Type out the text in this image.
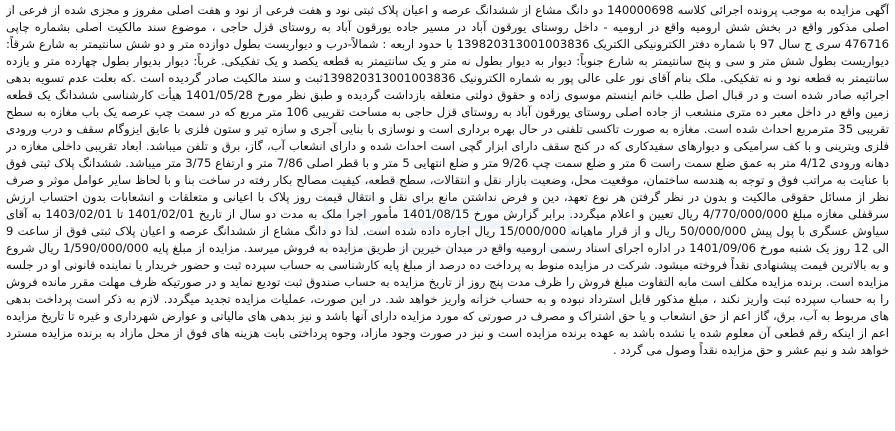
آگهی مزایده به موجب پرونده اجرائی کلاسه 140000698 دو دانگ مشاع از ششدانگ عرصه و اعیان پلاک ثبتی نود و هفت فرعی از نود و هفت اصلی مفروز و مجزی شده از فرعی از اصلی مذکور واقع در بخش شش ارومیه واقع در ارومیه - داخل روستای یورقون آباد در مسیر جاده یورقون آباد به روستای قزل حاجی ، موضوع سند مالکیت اصلی بشماره چاپی 476716 سری ج سال 97 با شماره دفتر الکترونیکی الکتریک 139820313001003836 با حدود اربعه : شمالاً-درب و دیواریست بطول دوازده متر و دو شش سانتیمتر به شارع شرقاً: دیواریست بطول شش متر و سی و پنج سانتیمتر به شارع جنوباً: دیوار به دیوار بطول نه متر و یک سانتیمتر به قطعه یکصد و یک تفکیکی. غرباً: دیوار بدیوار بطول چهارده متر و یازده سانتیمتر به قطعه نود و نه تفکیکی. ملک بنام آقای نور علی عالی پور به شماره الکترونیک 139820313001003836ثبت و سند مالکیت صادر گردیده است .که بعلت عدم تسویه بدهی اجرائیه صادر شده است و در قبال اصل طلب خانم اینستم موسوی زاده و حقوق دولتی متعلقه بازداشت گردیده و طبق نظر مورخ 1401/05/28 هیأت کارشناسی ششدانگ یک قطعه زمین واقع در داخل معبر ده متری منشعب از جاده اصلی روستای یورقون آباد به روستای قزل حاجی به مساحت تقریبی 106 متر مربع که در سمت چپ عرصه یک باب مغازه به سطح تقریبی 35 مترمربع احداث شده است. مغازه به صورت تاکسی تلفنی در حال بهره برداری است و نوسازی با بنایی آجری و سازه تیر و ستون فلزی با عایق ایزوگام سقف و درب ورودی فلزی ویترینی و با کف سرامیکی و دیوارهای سفیدکاری که در کنج سقف دارای ابزار گچی است احداث شده و دارای انشعاب آب، گاز، برق و تلفن میباشد. ابعاد تقریبی داخلی مغازه در دهانه ورودی 4/12 متر به عمق ضلع سمت راست 6 متر و ضلع سمت چپ 9/26 متر و ضلع انتهایی 5 متر و با قطر اصلی 7/86 متر و ارتفاع 3/75 متر میباشد. ششدانگ پلاک ثبتی فوق با عنایت به مراتب فوق و توجه به هندسه ساختمان، موقعیت محل، وضعیت بازار نقل و انتقالات، سطح قطعه، کیفیت مصالح بکار رفته در ساخت بنا و با لحاظ سایر عوامل موثر و صرف نظر از مسائل حقوقی مالکیت و بدون در نظر گرفتن هر نوع تعهد، دین و فرض نداشتن مانع برای نقل و انتقال قیمت روز پلاک با اعیانی و متعلقات و انشعابات بدون احتساب ارزش سرقفلی مغازه مبلغ 4/770/000/000 ریال تعیین و اعلام میگردد. برابر گزارش مورخ 1401/08/15 مأمور اجرا ملک به مدت دو سال از تاریخ 1401/02/01 تا 1403/02/01 به آقای سیاوش عسگری با پول پیش 50/000/000 ریال و از قرار ماهیانه 15/000/000 ریال اجاره داده شده است. لذا دو دانگ مشاع از ششدانگ عرصه و اعیان پلاک ثبتی فوق از ساعت 9 الی 12 روز یک شنبه مورخ 1401/09/06 در اداره اجرای اسناد رسمی ارومیه واقع در میدان خیرین از طریق مزایده به فروش میرسد. مزایده از مبلغ پایه 1/590/000/000 ریال شروع و به بالاترین قیمت پیشنهادی نقداً فروخته میشود. شرکت در مزایده منوط به پرداخت ده درصد از مبلغ پایه کارشناسی به حساب سپرده ثبت و حضور خریدار یا نماینده قانونی او در جلسه مزایده است. برنده مزایده مکلف است مابه التفاوت مبلغ فروش را ظرف مدت پنج روز از تاریخ مزایده به حساب صندوق ثبت تودیع نماید و در صورتیکه ظرف مهلت مقرر مانده فروش را به حساب سپرده ثبت واریز نکند ، مبلغ مذکور قابل استرداد نبوده و به حساب خزانه واریز خواهد شد. در این صورت، عملیات مزایده تجدید میگردد. لازم به ذکر است پرداخت بدهی های مربوط به آب، برق، گاز اعم از حق انشعاب و یا حق اشتراک و مصرف در صورتی که مورد مزایده دارای آنها باشد و نیز بدهی های مالیاتی و عوارض شهرداری و غیره تا تاریخ مزایده اعم از اینکه رقم قطعی آن معلوم شده یا نشده باشد به عهده برنده مزایده است و نیز در صورت وجود مازاد، وجوه پرداختی بابت هزینه های فوق از محل مازاد به برنده مزایده مسترد خواهد شد و نیم عشر و حق مزایده نقداً وصول می گردد .
